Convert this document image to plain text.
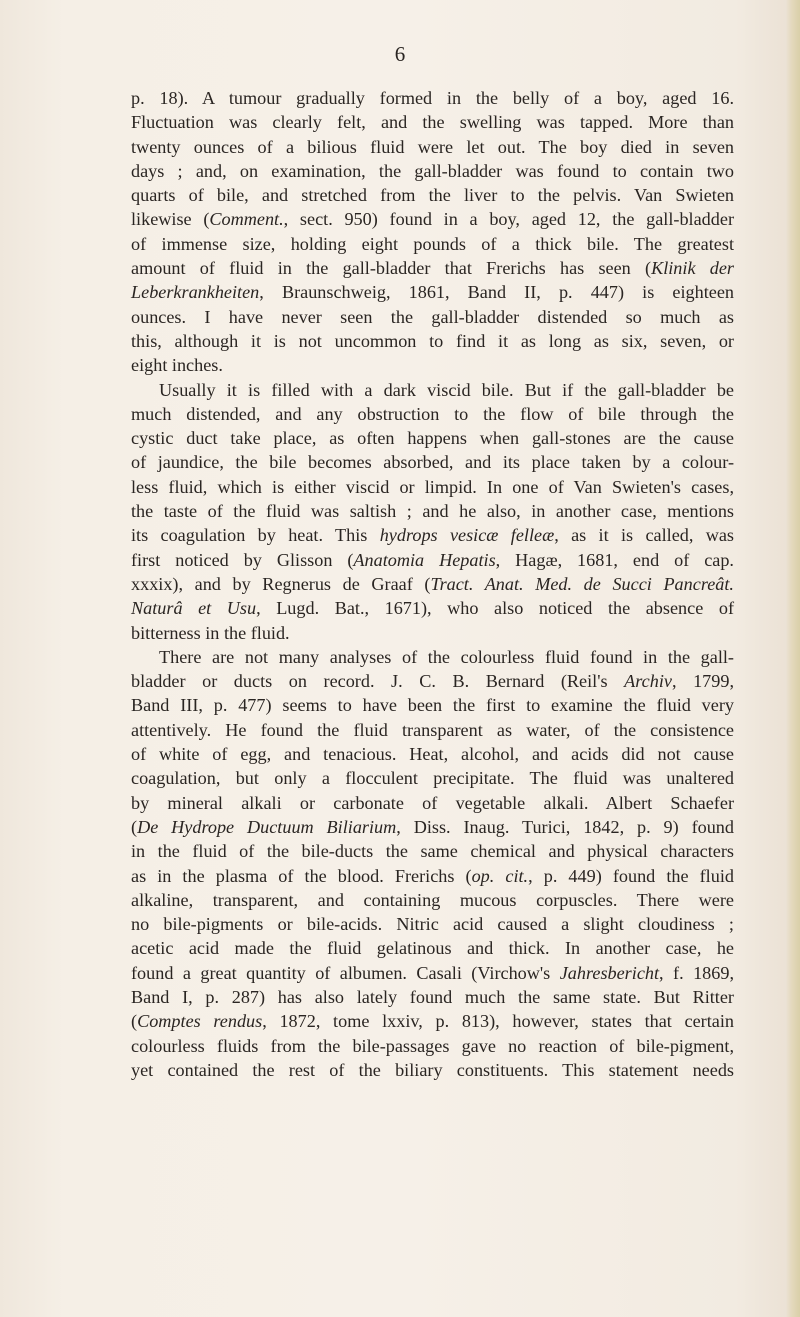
6

p. 18). A tumour gradually formed in the belly of a boy, aged 16.
Fluctuation was clearly felt, and the swelling was tapped. More than
twenty ounces of a bilious fluid were let out. The boy died in seven
days ; and, on examination, the gall-bladder was found to contain two
quarts of bile, and stretched from the liver to the pelvis. Van Swieten
likewise (Comment., sect. 950) found in a boy, aged 12, the gall-bladder
of immense size, holding eight pounds of a thick bile. The greatest
amount of fluid in the gall-bladder that Frerichs has seen (Klinik der
Leberkrankheiten, Braunschweig, 1861, Band II, p. 447) is eighteen
ounces. I have never seen the gall-bladder distended so much as
this, although it is not uncommon to find it as long as six, seven, or
eight inches.
Usually it is filled with a dark viscid bile. But if the gall-bladder be
much distended, and any obstruction to the flow of bile through the
cystic duct take place, as often happens when gall-stones are the cause
of jaundice, the bile becomes absorbed, and its place taken by a colour-
less fluid, which is either viscid or limpid. In one of Van Swieten's cases,
the taste of the fluid was saltish ; and he also, in another case, mentions
its coagulation by heat. This hydrops vesicæ felleæ, as it is called, was
first noticed by Glisson (Anatomia Hepatis, Hagæ, 1681, end of cap.
xxxix), and by Regnerus de Graaf (Tract. Anat. Med. de Succi Pancreât.
Naturâ et Usu, Lugd. Bat., 1671), who also noticed the absence of
bitterness in the fluid.
There are not many analyses of the colourless fluid found in the gall-
bladder or ducts on record. J. C. B. Bernard (Reil's Archiv, 1799,
Band III, p. 477) seems to have been the first to examine the fluid very
attentively. He found the fluid transparent as water, of the consistence
of white of egg, and tenacious. Heat, alcohol, and acids did not cause
coagulation, but only a flocculent precipitate. The fluid was unaltered
by mineral alkali or carbonate of vegetable alkali. Albert Schaefer
(De Hydrope Ductuum Biliarium, Diss. Inaug. Turici, 1842, p. 9) found
in the fluid of the bile-ducts the same chemical and physical characters
as in the plasma of the blood. Frerichs (op. cit., p. 449) found the fluid
alkaline, transparent, and containing mucous corpuscles. There were
no bile-pigments or bile-acids. Nitric acid caused a slight cloudiness ;
acetic acid made the fluid gelatinous and thick. In another case, he
found a great quantity of albumen. Casali (Virchow's Jahresbericht, f. 1869,
Band I, p. 287) has also lately found much the same state. But Ritter
(Comptes rendus, 1872, tome lxxiv, p. 813), however, states that certain
colourless fluids from the bile-passages gave no reaction of bile-pigment,
yet contained the rest of the biliary constituents. This statement needs
